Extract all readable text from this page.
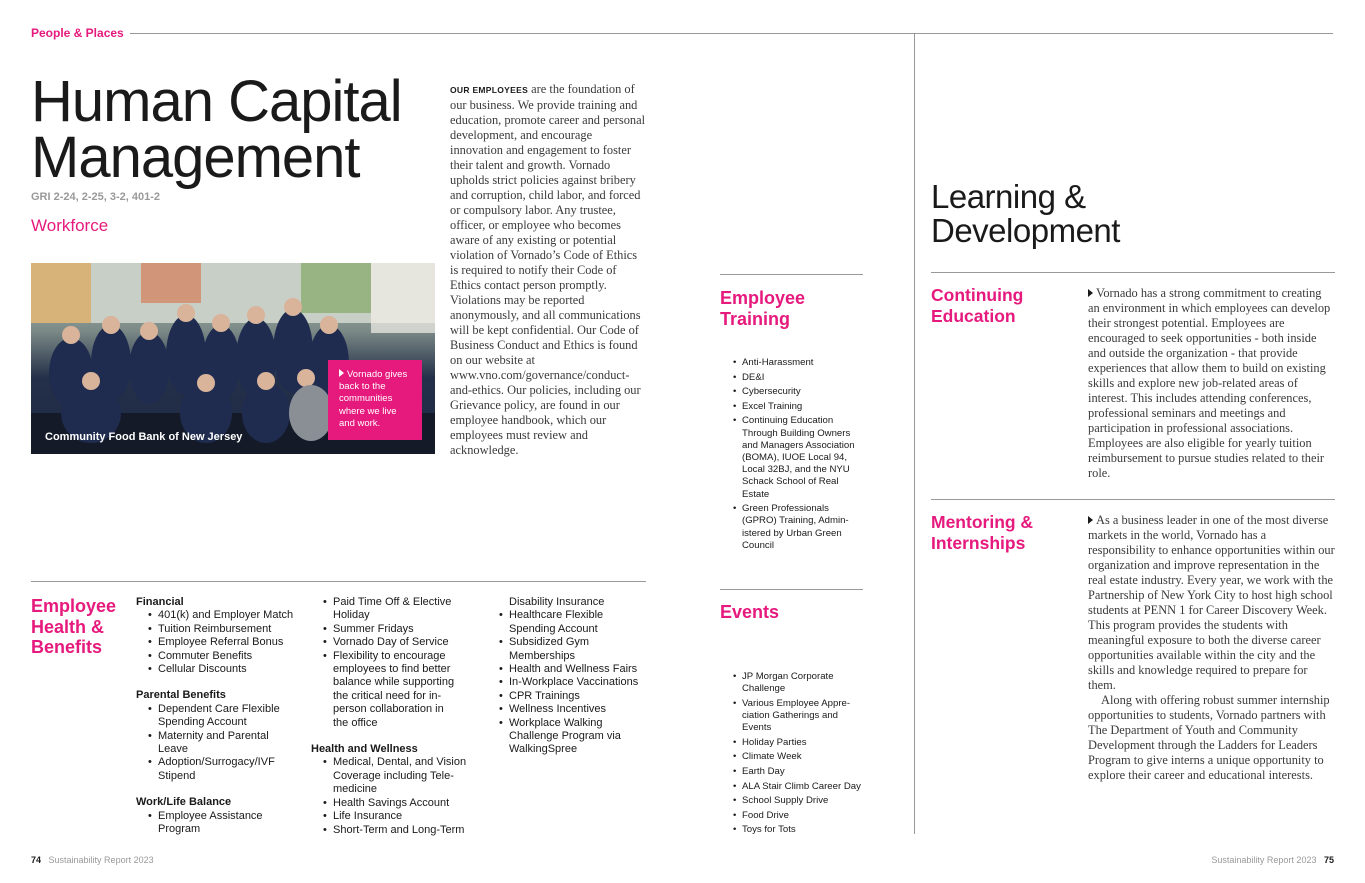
People & Places
Human Capital
Management
GRI 2-24, 2-25, 3-2, 401-2
Workforce
Vornado gives back to the communities where we live and work.
Community Food Bank of New Jersey
OUR EMPLOYEES are the foundation of our business. We provide training and education, promote career and personal development, and encourage innovation and engagement to foster their talent and growth. Vornado upholds strict policies against bribery and corruption, child labor, and forced or compulsory labor. Any trustee, officer, or employee who becomes aware of any existing or potential violation of Vornado’s Code of Ethics is required to notify their Code of Ethics contact person promptly. Violations may be reported anonymously, and all communications will be kept confidential. Our Code of Business Conduct and Ethics is found on our website at www.vno.com/governance/conduct-and-ethics. Our policies, including our Grievance policy, are found in our employee handbook, which our employees must review and acknowledge.
Employee Health & Benefits
Financial
• 401(k) and Employer Match
• Tuition Reimbursement
• Employee Referral Bonus
• Commuter Benefits
• Cellular Discounts
Parental Benefits
• Dependent Care Flexible Spending Account
• Maternity and Parental Leave
• Adoption/Surrogacy/IVF Stipend
Work/Life Balance
• Employee Assistance Program
• Paid Time Off & Elective Holiday
• Summer Fridays
• Vornado Day of Service
• Flexibility to encourage employees to find better balance while supporting the critical need for in-person collaboration in the office
Health and Wellness
• Medical, Dental, and Vision Coverage including Tele-medicine
• Health Savings Account
• Life Insurance
• Short-Term and Long-Term
Disability Insurance
• Healthcare Flexible Spending Account
• Subsidized Gym Memberships
• Health and Wellness Fairs
• In-Workplace Vaccinations
• CPR Trainings
• Wellness Incentives
• Workplace Walking Challenge Program via WalkingSpree
Employee Training
• Anti-Harassment
• DE&I
• Cybersecurity
• Excel Training
• Continuing Education Through Building Owners and Managers Association (BOMA), IUOE Local 94, Local 32BJ, and the NYU Schack School of Real Estate
• Green Professionals (GPRO) Training, Admin-istered by Urban Green Council
Events
• JP Morgan Corporate Challenge
• Various Employee Appre-ciation Gatherings and Events
• Holiday Parties
• Climate Week
• Earth Day
• ALA Stair Climb Career Day
• School Supply Drive
• Food Drive
• Toys for Tots
Learning &
Development
Continuing Education
Vornado has a strong commitment to creating an environment in which employees can develop their strongest potential. Employees are encouraged to seek opportunities - both inside and outside the organization - that provide experiences that allow them to build on existing skills and explore new job-related areas of interest. This includes attending conferences, professional seminars and meetings and participation in professional associations. Employees are also eligible for yearly tuition reimbursement to pursue studies related to their role.
Mentoring & Internships
As a business leader in one of the most diverse markets in the world, Vornado has a responsibility to enhance opportunities within our organization and improve representation in the real estate industry. Every year, we work with the Partnership of New York City to host high school students at PENN 1 for Career Discovery Week. This program provides the students with meaningful exposure to both the diverse career opportunities available within the city and the skills and knowledge required to prepare for them.
Along with offering robust summer internship opportunities to students, Vornado partners with The Department of Youth and Community Development through the Ladders for Leaders Program to give interns a unique opportunity to explore their career and educational interests.
74 Sustainability Report 2023	Sustainability Report 2023 75
